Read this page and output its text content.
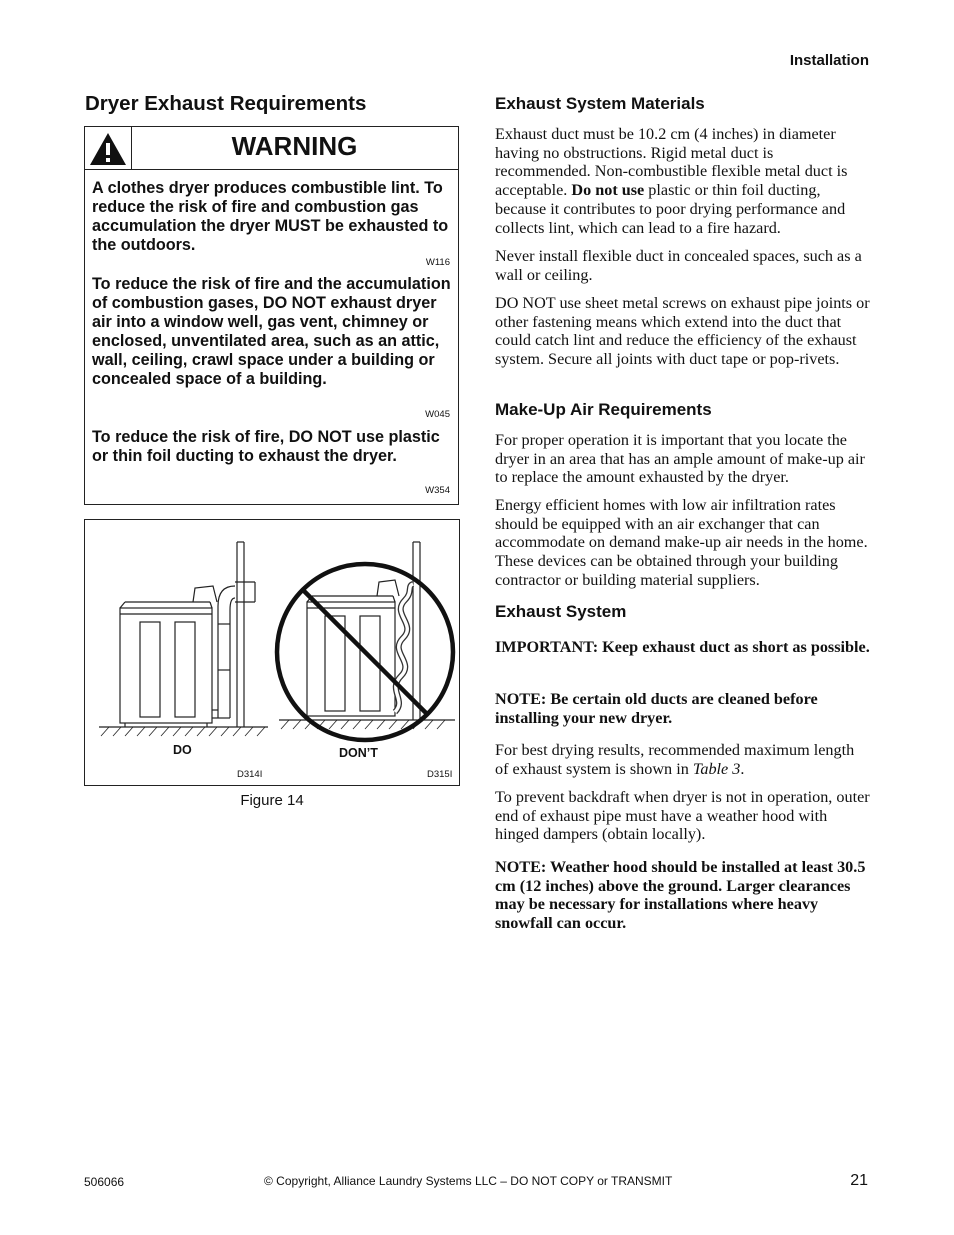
Installation
Dryer Exhaust Requirements
WARNING
A clothes dryer produces combustible lint. To reduce the risk of fire and combustion gas accumulation the dryer MUST be exhausted to the outdoors.
W116
To reduce the risk of fire and the accumulation of combustion gases, DO NOT exhaust dryer air into a window well, gas vent, chimney or enclosed, unventilated area, such as an attic, wall, ceiling, crawl space under a building or concealed space of a building.
W045
To reduce the risk of fire, DO NOT use plastic or thin foil ducting to exhaust the dryer.
W354
DO	DON’T
D314I	D315I
Figure 14
Exhaust System Materials
Exhaust duct must be 10.2 cm (4 inches) in diameter having no obstructions. Rigid metal duct is recommended. Non-combustible flexible metal duct is acceptable. Do not use plastic or thin foil ducting, because it contributes to poor drying performance and collects lint, which can lead to a fire hazard.
Never install flexible duct in concealed spaces, such as a wall or ceiling.
DO NOT use sheet metal screws on exhaust pipe joints or other fastening means which extend into the duct that could catch lint and reduce the efficiency of the exhaust system. Secure all joints with duct tape or pop-rivets.
Make-Up Air Requirements
For proper operation it is important that you locate the dryer in an area that has an ample amount of make-up air to replace the amount exhausted by the dryer.
Energy efficient homes with low air infiltration rates should be equipped with an air exchanger that can accommodate on demand make-up air needs in the home. These devices can be obtained through your building contractor or building material suppliers.
Exhaust System
IMPORTANT: Keep exhaust duct as short as possible.
NOTE: Be certain old ducts are cleaned before installing your new dryer.
For best drying results, recommended maximum length of exhaust system is shown in Table 3.
To prevent backdraft when dryer is not in operation, outer end of exhaust pipe must have a weather hood with hinged dampers (obtain locally).
NOTE: Weather hood should be installed at least 30.5 cm (12 inches) above the ground. Larger clearances may be necessary for installations where heavy snowfall can occur.
506066	© Copyright, Alliance Laundry Systems LLC – DO NOT COPY or TRANSMIT	21
